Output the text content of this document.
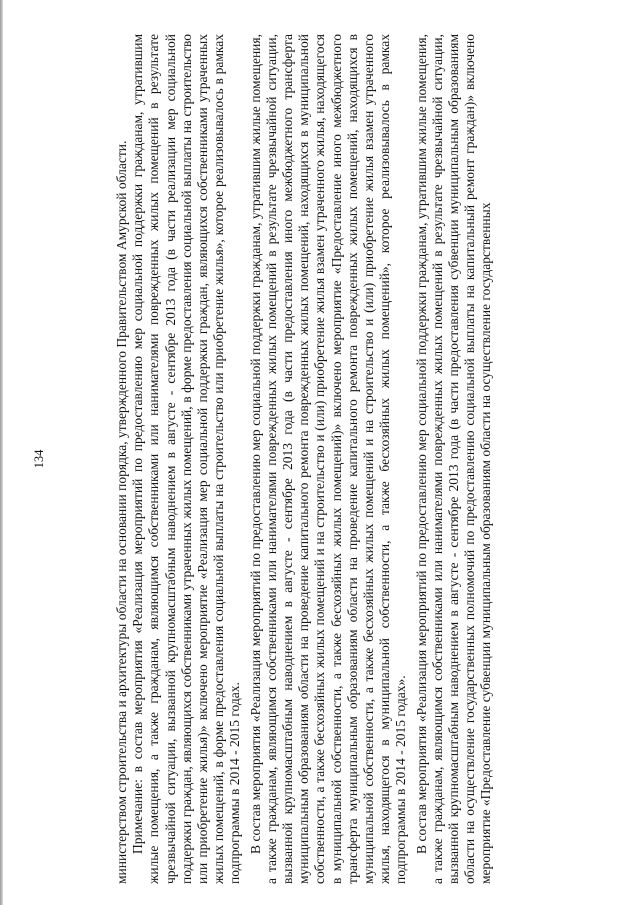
134	министерством строительства и архитектуры области на основании порядка, утвержденного Правительством Амурской области. Примечание: в состав мероприятия «Реализация мероприятий по предоставлению мер социальной поддержки гражданам, утратившим жилые помещения, а также гражданам, являющимся собственниками или нанимателями поврежденных жилых помещений в результате чрезвычайной ситуации, вызванной крупномасштабным наводнением в августе - сентябре 2013 года (в части реализации мер социальной поддержки граждан, являющихся собственниками утраченных жилых помещений, в форме предоставления социальной выплаты на строительство или приобретение жилья)» включено мероприятие «Реализация мер социальной поддержки граждан, являющихся собственниками утраченных жилых помещений, в форме предоставления социальной выплаты на строительство или приобретение жилья», которое реализовывалось в рамках подпрограммы в 2014 - 2015 годах. В состав мероприятия «Реализация мероприятий по предоставлению мер социальной поддержки гражданам, утратившим жилые помещения, а также гражданам, являющимся собственниками или нанимателями поврежденных жилых помещений в результате чрезвычайной ситуации, вызванной крупномасштабным наводнением в августе - сентябре 2013 года (в части предоставления иного межбюджетного трансферта муниципальным образованиям области на проведение капитального ремонта поврежденных жилых помещений, находящихся в муниципальной собственности, а также бесхозяйных жилых помещений и на строительство и (или) приобретение жилья взамен утраченного жилья, находящегося в муниципальной собственности, а также бесхозяйных жилых помещений)» включено мероприятие «Предоставление иного межбюджетного трансферта муниципальным образованиям области на проведение капитального ремонта поврежденных жилых помещений, находящихся в муниципальной собственности, а также бесхозяйных жилых помещений и на строительство и (или) приобретение жилья взамен утраченного жилья, находящегося в муниципальной собственности, а также бесхозяйных жилых помещений», которое реализовывалось в рамках подпрограммы в 2014 - 2015 годах». В состав мероприятия «Реализация мероприятий по предоставлению мер социальной поддержки гражданам, утратившим жилые помещения, а также гражданам, являющимся собственниками или нанимателями поврежденных жилых помещений в результате чрезвычайной ситуации, вызванной крупномасштабным наводнением в августе - сентябре 2013 года (в части предоставления субвенции муниципальным образованиям области на осуществление государственных полномочий по предоставлению социальной выплаты на капитальный ремонт граждан)» включено мероприятие «Предоставление субвенции муниципальным образованиям области на осуществление государственных
